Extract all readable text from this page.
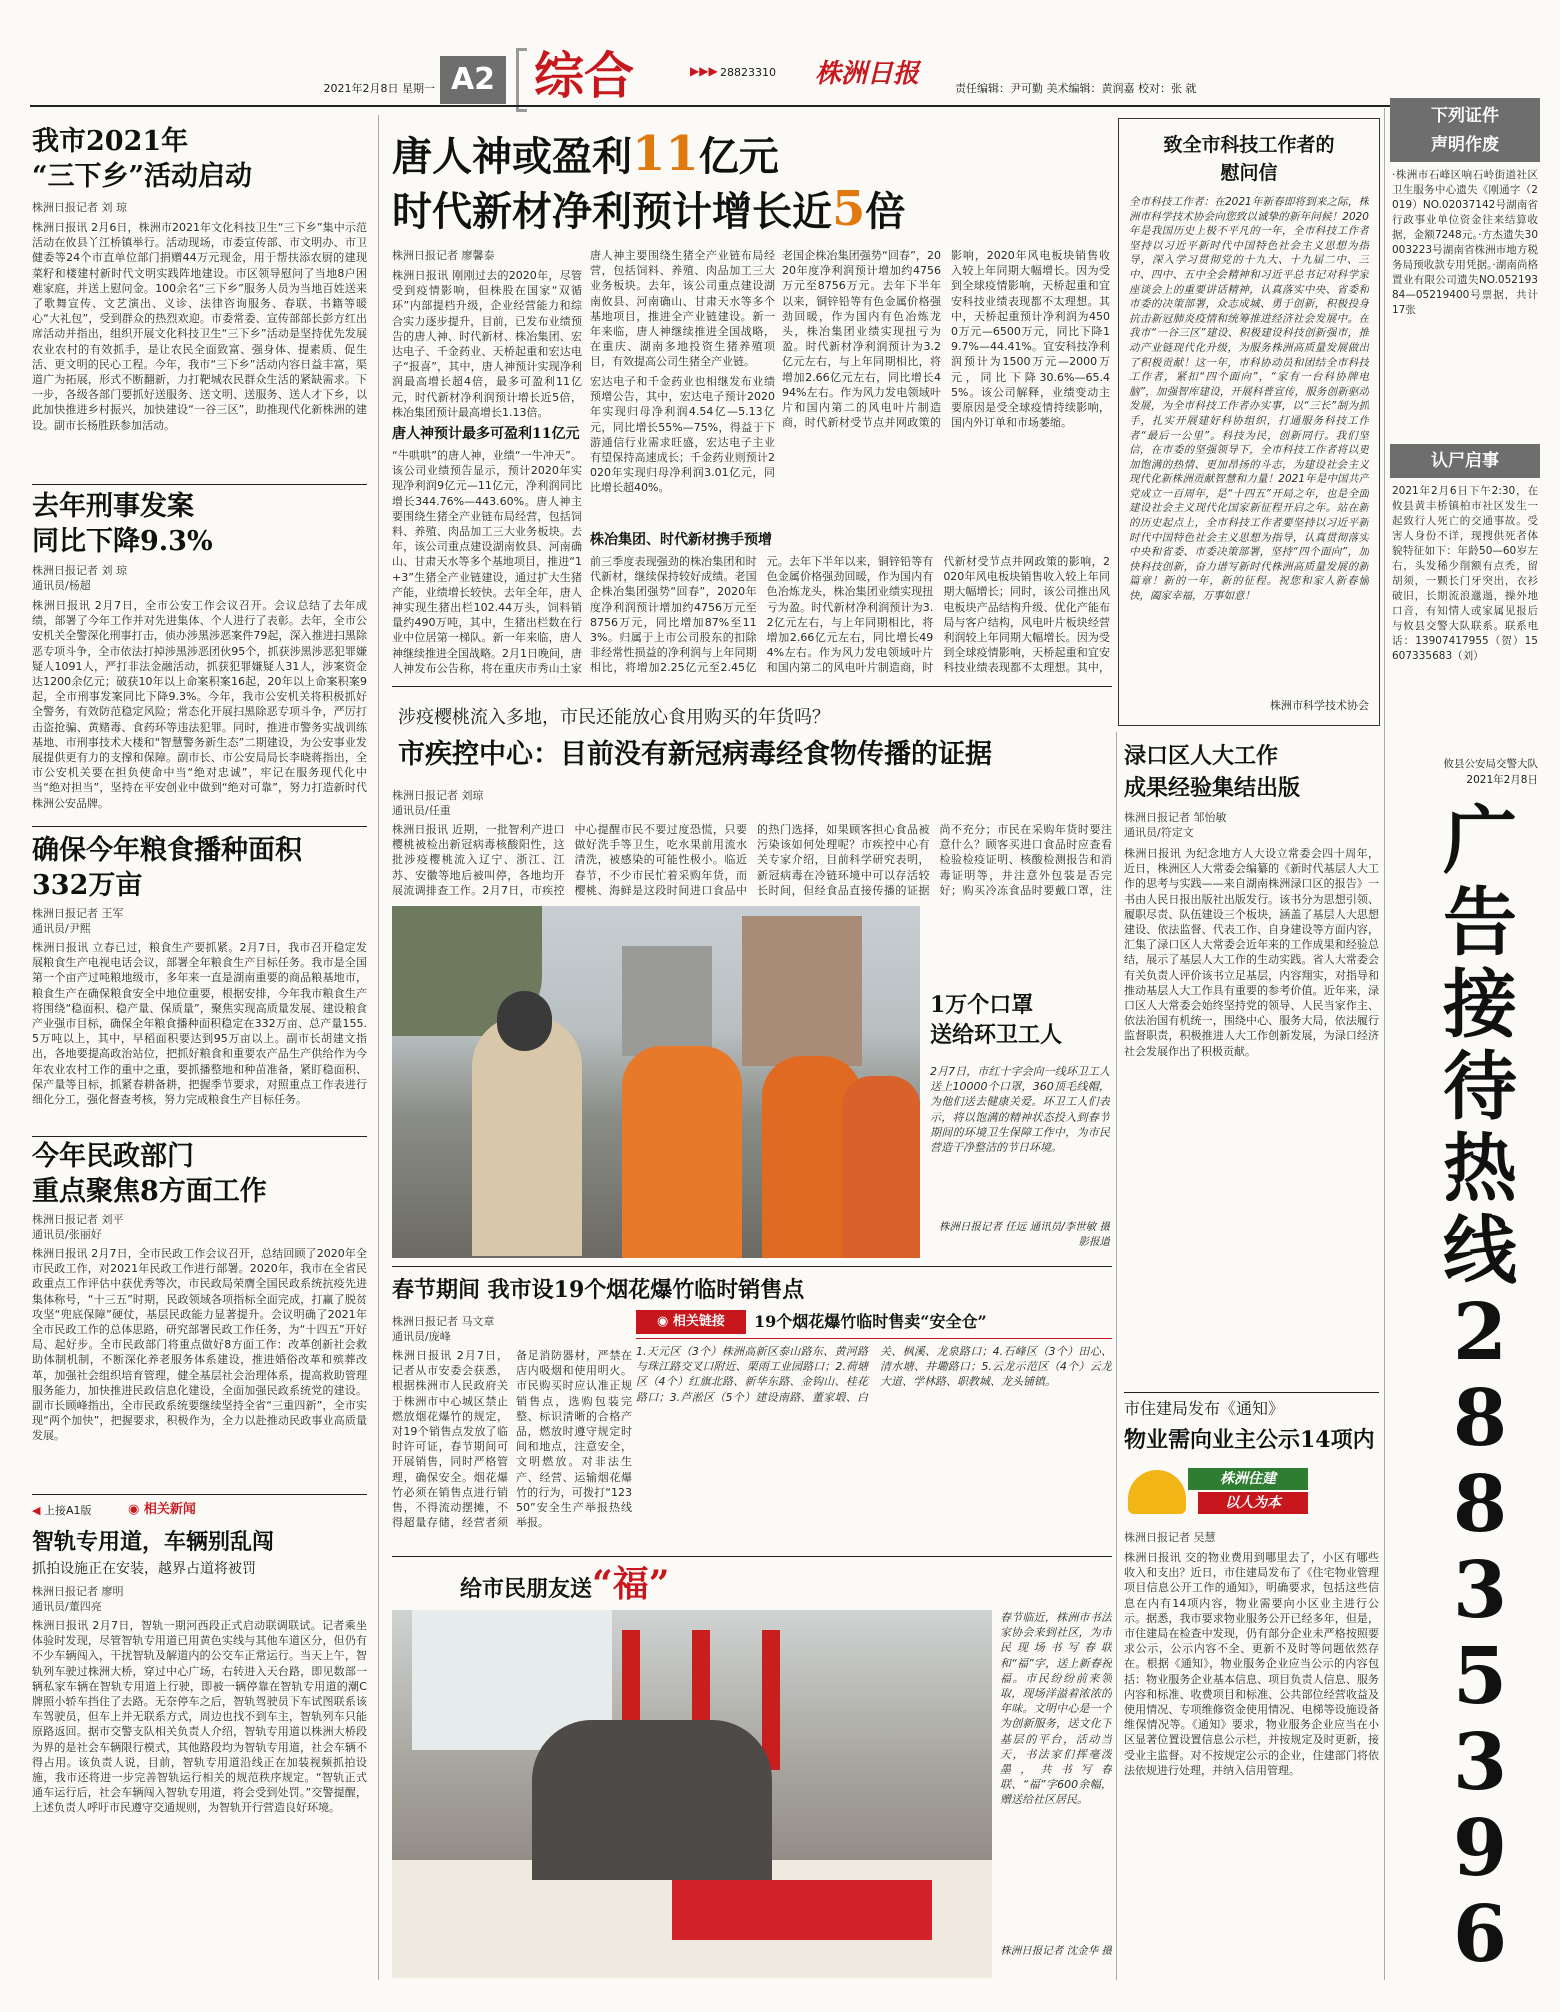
2021年2月8日 星期一 A2 综合	▶▶▶ 28823310	株洲日报	责任编辑：尹可勤 美术编辑：黄润嘉 校对：张 就
我市2021年
“三下乡”活动启动
株洲日报记者 刘 琼
株洲日报讯 2月6日，株洲市2021年文化科技卫生“三下乡”集中示范活动在攸县丫江桥镇举行。活动现场，市委宣传部、市文明办、市卫健委等24个市直单位部门捐赠44万元现金，用于帮扶添农厨的建现菜籽和楼建村新时代文明实践阵地建设。市区领导慰问了当地8户困难家庭，并送上慰问金。100余名“三下乡”服务人员为当地百姓送来了歌舞宣传、文艺演出、义诊、法律咨询服务、春联、书籍等暖心“大礼包”，受到群众的热烈欢迎。市委常委、宣传部部长彭方红出席活动并指出，组织开展文化科技卫生“三下乡”活动是坚持优先发展农业农村的有效抓手，是让农民全面致富、强身体、提素质、促生活、更文明的民心工程。今年，我市“三下乡”活动内容日益丰富，渠道广为拓展，形式不断翻新，力打靶城农民群众生活的紧缺需求。下一步，各级各部门要抓好送服务、送文明、送服务、送人才下乡，以此加快推进乡村振兴，加快建设“一谷三区”，助推现代化新株洲的建设。副市长杨胜跃参加活动。
去年刑事发案
同比下降9.3%
株洲日报记者 刘 琼
通讯员/杨超
株洲日报讯 2月7日，全市公安工作会议召开。会议总结了去年成绩，部署了今年工作并对先进集体、个人进行了表彰。去年，全市公安机关全警深化刑事打击，侦办涉黑涉恶案件79起，深入推进扫黑除恶专项斗争，全市依法打掉涉黑涉恶团伙95个，抓获涉黑涉恶犯罪嫌疑人1091人，严打非法金融活动，抓获犯罪嫌疑人31人，涉案资金达1200余亿元；破获10年以上命案积案16起，20年以上命案积案9起，全市刑事发案同比下降9.3%。今年，我市公安机关将积极抓好全警务，有效防范稳定风险；常态化开展扫黑除恶专项斗争，严厉打击盗抢骗、黄赌毒、食药环等违法犯罪。同时，推进市警务实战训练基地、市刑事技术大楼和“智慧警务新生态”二期建设，为公安事业发展提供更有力的支撑和保障。副市长、市公安局局长李晓蒋指出，全市公安机关要在担负使命中当“绝对忠诚”，牢记在服务现代化中当“绝对担当”，坚持在平安创业中做到“绝对可靠”，努力打造新时代株洲公安品牌。
确保今年粮食播种面积
332万亩
株洲日报记者 王军
通讯员/尹熙
株洲日报讯 立春已过，粮食生产要抓紧。2月7日，我市召开稳定发展粮食生产电视电话会议，部署全年粮食生产目标任务。我市是全国第一个亩产过吨粮地级市，多年来一直是湖南重要的商品粮基地市，粮食生产在确保粮食安全中地位重要，根据安排，今年我市粮食生产将围绕“稳面积、稳产量、保质量”，聚焦实现高质量发展、建设粮食产业强市目标，确保全年粮食播种面积稳定在332万亩、总产量155.5万吨以上，其中，早稻面积要达到95万亩以上。副市长胡建文指出，各地要提高政治站位，把抓好粮食和重要农产品生产供给作为今年农业农村工作的重中之重，要抓播整地和种苗准备，紧盯稳面积、保产量等目标，抓紧春耕备耕，把握季节要求，对照重点工作表进行细化分工，强化督查考核，努力完成粮食生产目标任务。
今年民政部门
重点聚焦8方面工作
株洲日报记者 刘平
通讯员/张丽好
株洲日报讯 2月7日，全市民政工作会议召开，总结回顾了2020年全市民政工作，对2021年民政工作进行部署。2020年，我市在全省民政重点工作评估中获优秀等次，市民政局荣膺全国民政系统抗疫先进集体称号，“十三五”时期，民政领域各项指标全面完成，打赢了脱贫攻坚“兜底保障”硬仗，基层民政能力显著提升。会议明确了2021年全市民政工作的总体思路，研究部署民政工作任务，为“十四五”开好局、起好步。全市民政部门将重点做好8方面工作：改革创新社会救助体制机制，不断深化养老服务体系建设，推进婚俗改革和殡葬改革，加强社会组织培育管理，健全基层社会治理体系，提高救助管理服务能力，加快推进民政信息化建设，全面加强民政系统党的建设。副市长顾峰指出，全市民政系统要继续坚持全省“三重四新”，全市实现“两个加快”，把握要求，积极作为，全力以赴推动民政事业高质量发展。
◀ 上接A1版	◉ 相关新闻
智轨专用道，车辆别乱闯
抓拍设施正在安装，越界占道将被罚
株洲日报记者 廖明
通讯员/董四亮
株洲日报讯 2月7日，智轨一期河西段正式启动联调联试。记者乘坐体验时发现，尽管智轨专用道已用黄色实线与其他车道区分，但仍有不少车辆闯入，干扰智轨及解道内的公交车正常运行。当天上午，智轨列车驶过株洲大桥，穿过中心广场，右转进入天台路，即见数部一辆私家车辆在智轨专用道上行驶，即被一辆停靠在智轨专用道的潮C牌照小轿车挡住了去路。无奈停车之后，智轨驾驶员下车试图联系该车驾驶员，但车上并无联系方式，周边也找不到车主，智轨列车只能原路返回。据市交警支队相关负责人介绍，智轨专用道以株洲大桥段为界的是社会车辆限行模式，其他路段均为智轨专用道，社会车辆不得占用。该负责人说，目前，智轨专用道沿线正在加装视频抓拍设施，我市还将进一步完善智轨运行相关的规范秩序规定。“智轨正式通车运行后，社会车辆闯入智轨专用道，将会受到处罚。”交警提醒，上述负责人呼吁市民遵守交通规则，为智轨开行营造良好环境。
唐人神或盈利11亿元
时代新材净利预计增长近5倍
株洲日报记者 廖馨泰
株洲日报讯 刚刚过去的2020年，尽管受到疫情影响，但株股在国家“双循环”内部提档升级，企业经营能力和综合实力逐步提升，目前，已发布业绩预告的唐人神、时代新材、株冶集团、宏达电子、千金药业、天桥起重和宏达电子“报喜”，其中，唐人神预计实现净利润最高增长超4倍，最多可盈利11亿元，时代新材净利润预计增长近5倍，株冶集团预计最高增长1.13倍。
唐人神预计最多可盈利11亿元
“牛哄哄”的唐人神，业绩“一牛冲天”。该公司业绩预告显示，预计2020年实现净利润9亿元—11亿元，净利润同比增长344.76%—443.60%。唐人神主要围绕生猪全产业链布局经营，包括饲料、养殖、肉品加工三大业务板块。去年，该公司重点建设湖南攸县、河南确山、甘肃天水等多个基地项目，推进“1+3”生猪全产业链建设，通过扩大生猪产能，业绩增长较快。去年全年，唐人神实现生猪出栏102.44万头，饲料销量约490万吨，其中，生猪出栏数在行业中位居第一梯队。新一年来临，唐人神继续推进全国战略。2月1日晚间，唐人神发布公告称，将在重庆市秀山土家
唐人神主要围绕生猪全产业链布局经营，包括饲料、养殖、肉品加工三大业务板块。去年，该公司重点建设湖南攸县、河南确山、甘肃天水等多个基地项目，推进全产业链建设。新一年来临，唐人神继续推进全国战略，在重庆、湖南多地投资生猪养殖项目，有效提高公司生猪全产业链。
宏达电子和千金药业也相继发布业绩预增公告，其中，宏达电子预计2020年实现归母净利润4.54亿—5.13亿元，同比增长55%—75%，得益于下游通信行业需求旺盛，宏达电子主业有望保持高速成长；千金药业则预计2020年实现归母净利润3.01亿元，同比增长超40%。
株冶集团、时代新材携手预增
前三季度表现强劲的株冶集团和时代新材，继续保持较好成绩。老国企株冶集团强势“回春”，2020年度净利润预计增加约4756万元至8756万元，同比增加87%至113%。归属于上市公司股东的扣除非经常性损益的净利润与上年同期相比，将增加2.25亿元至2.45亿元。去年下半年以来，铜锌铅等有色金属价格强劲回暖，作为国内有色冶炼龙头，株冶集团业绩实现扭亏为盈。时代新材净利润预计为3.2亿元左右，与上年同期相比，将增加2.66亿元左右，同比增长494%左右。作为风力发电领域叶片和国内第二的风电叶片制造商，时代新材受节点并网政策的影响，2020年风电板块销售收入较上年同期大幅增长；同时，该公司推出风电板块产品结构升级、优化产能布局与客户结构，风电叶片板块经营利润较上年同期大幅增长。因为受到全球疫情影响，天桥起重和宜安科技业绩表现都不太理想。其中，
老国企株冶集团强势“回春”，2020年度净利润预计增加约4756万元至8756万元。去年下半年以来，铜锌铅等有色金属价格强劲回暖，作为国内有色冶炼龙头，株冶集团业绩实现扭亏为盈。时代新材净利润预计为3.2亿元左右，与上年同期相比，将增加2.66亿元左右，同比增长494%左右。作为风力发电领域叶片和国内第二的风电叶片制造商，时代新材受节点并网政策的影响，2020年风电板块销售收入较上年同期大幅增长。因为受到全球疫情影响，天桥起重和宜安科技业绩表现都不太理想。其中，天桥起重预计净利润为4500万元—6500万元，同比下降19.7%—44.41%。宜安科技净利润预计为1500万元—2000万元，同比下降30.6%—65.45%。该公司解释，业绩变动主要原因是受全球疫情持续影响，国内外订单和市场萎缩。
致全市科技工作者的
慰问信
全市科技工作者：在2021年新春即将到来之际，株洲市科学技术协会向您致以诚挚的新年问候！2020年是我国历史上极不平凡的一年，全市科技工作者坚持以习近平新时代中国特色社会主义思想为指导，深入学习贯彻党的十九大、十九届二中、三中、四中、五中全会精神和习近平总书记对科学家座谈会上的重要讲话精神，认真落实中央、省委和市委的决策部署，众志成城、勇于创新，积极投身抗击新冠肺炎疫情和统筹推进经济社会发展中。在我市“一谷三区”建设、积极建设科技创新强市，推动产业链现代化升级，为服务株洲高质量发展做出了积极贡献！这一年，市科协动员和团结全市科技工作者，紧扣“四个面向”，“家有一台科协牌电脑”，加强智库建设，开展科普宣传，服务创新驱动发展，为全市科技工作者办实事，以“三长”制为抓手，扎实开展建好科协组织，打通服务科技工作者“最后一公里”。科技为民，创新同行。我们坚信，在市委的坚强领导下，全市科技工作者将以更加饱满的热情、更加昂扬的斗志，为建设社会主义现代化新株洲贡献智慧和力量！2021年是中国共产党成立一百周年，是“十四五”开局之年，也是全面建设社会主义现代化国家新征程开启之年。站在新的历史起点上，全市科技工作者要坚持以习近平新时代中国特色社会主义思想为指导，认真贯彻落实中央和省委、市委决策部署，坚持“四个面向”，加快科技创新，奋力谱写新时代株洲高质量发展的新篇章！新的一年，新的征程。祝您和家人新春愉快，阖家幸福，万事如意！
株洲市科学技术协会
下列证件
声明作废
·株洲市石峰区响石岭街道社区卫生服务中心遗失《刚通字（2019）NO.02037142号湖南省行政事业单位资金往来结算收据，金额7248元。·方杰遗失30003223号湖南省株洲市地方税务局预收款专用凭据。·湖南尚格置业有限公司遗失NO.05219384—05219400号票据，共计17张
认尸启事
2021年2月6日下午2:30，在攸县黄丰桥镇柏市社区发生一起致行人死亡的交通事故。受害人身份不详，现搜供死者体貌特征如下：年龄50—60岁左右，头发稀少削额有点秃，留胡须，一颗长门牙突出，衣衫破旧，长期流浪邋遢，操外地口音，有知情人或家属见报后与攸县交警大队联系。联系电话：13907417955（贺）15607335683（刘）
攸县公安局交警大队
2021年2月8日
广告接待热线
28835396
涉疫樱桃流入多地，市民还能放心食用购买的年货吗？
市疾控中心：目前没有新冠病毒经食物传播的证据
株洲日报记者 刘琼
通讯员/任重
株洲日报讯 近期，一批智利产进口樱桃被检出新冠病毒核酸阳性，这批涉疫樱桃流入辽宁、浙江、江苏、安徽等地后被叫停，各地均开展流调排查工作。2月7日，市疾控中心提醒市民不要过度恐慌，只要做好洗手等卫生，吃水果前用流水清洗，被感染的可能性极小。临近春节，不少市民忙着采购年货，而樱桃、海鲜是这段时间进口食品中的热门选择，如果顾客担心食品被污染该如何处理呢？市疾控中心有关专家介绍，目前科学研究表明，新冠病毒在冷链环境中可以存活较长时间，但经食品直接传播的证据尚不充分；市民在采购年货时要注意什么？顾客买进口食品时应查看检验检疫证明、核酸检测报告和消毒证明等，并注意外包装是否完好；购买冷冻食品时要戴口罩，注
1万个口罩
送给环卫工人
2月7日，市红十字会向一线环卫工人送上10000个口罩，360顶毛线帽，为他们送去健康关爱。环卫工人们表示，将以饱满的精神状态投入到春节期间的环境卫生保障工作中，为市民营造干净整洁的节日环境。
株洲日报记者 任远 通讯员/李世敏 摄影报道
春节期间 我市设19个烟花爆竹临时销售点
株洲日报记者 马文章
通讯员/庞峰
株洲日报讯 2月7日，记者从市安委会获悉，根据株洲市人民政府关于株洲市中心城区禁止燃放烟花爆竹的规定，对19个销售点发放了临时许可证，春节期间可开展销售，同时严格管理，确保安全。烟花爆竹必须在销售点进行销售，不得流动摆摊，不得超量存储，经营者须备足消防器材，严禁在店内吸烟和使用明火。市民购买时应认准正规销售点，选购包装完整、标识清晰的合格产品，燃放时遵守规定时间和地点，注意安全，文明燃放。对非法生产、经营、运输烟花爆竹的行为，可拨打“12350”安全生产举报热线举报。
◉ 相关链接	19个烟花爆竹临时售卖“安全仓”
1.天元区（3个）株洲高新区泰山路东、黄河路与珠江路交叉口附近、栗雨工业园路口；2.荷塘区（4个）红旗北路、新华东路、金钩山、桂花路口；3.芦淞区（5个）建设南路、董家塅、白关、枫溪、龙泉路口；4.石峰区（3个）田心、清水塘、井墈路口；5.云龙示范区（4个）云龙大道、学林路、职教城、龙头铺镇。
给市民朋友送“福”
春节临近，株洲市书法家协会来到社区，为市民现场书写春联和“福”字，送上新春祝福。市民纷纷前来领取，现场洋溢着浓浓的年味。文明中心是一个为创新服务，送文化下基层的平台，活动当天，书法家们挥毫泼墨，共书写春联、“福”字600余幅，赠送给社区居民。
株洲日报记者 沈金华 摄
渌口区人大工作
成果经验集结出版
株洲日报记者 邹怡敏
通讯员/符定文
株洲日报讯 为纪念地方人大设立常委会四十周年，近日，株洲区人大常委会编纂的《新时代基层人大工作的思考与实践——来自湖南株洲渌口区的报告》一书由人民日报出版社出版发行。该书分为思想引领、履职尽责、队伍建设三个板块，涵盖了基层人大思想建设、依法监督、代表工作、自身建设等方面内容，汇集了渌口区人大常委会近年来的工作成果和经验总结，展示了基层人大工作的生动实践。省人大常委会有关负责人评价该书立足基层，内容翔实，对指导和推动基层人大工作具有重要的参考价值。近年来，渌口区人大常委会始终坚持党的领导、人民当家作主、依法治国有机统一，围绕中心、服务大局，依法履行监督职责，积极推进人大工作创新发展，为渌口经济社会发展作出了积极贡献。
市住建局发布《通知》
物业需向业主公示14项内
株洲住建
以人为本
株洲日报记者 吴慧
株洲日报讯 交的物业费用到哪里去了，小区有哪些收入和支出？近日，市住建局发布了《住宅物业管理项目信息公开工作的通知》，明确要求，包括这些信息在内有14项内容，物业需要向小区业主进行公示。据悉，我市要求物业服务公开已经多年，但是，市住建局在检查中发现，仍有部分企业未严格按照要求公示，公示内容不全、更新不及时等问题依然存在。根据《通知》，物业服务企业应当公示的内容包括：物业服务企业基本信息、项目负责人信息、服务内容和标准、收费项目和标准、公共部位经营收益及使用情况、专项维修资金使用情况、电梯等设施设备维保情况等。《通知》要求，物业服务企业应当在小区显著位置设置信息公示栏，并按规定及时更新，接受业主监督。对不按规定公示的企业，住建部门将依法依规进行处理，并纳入信用管理。
